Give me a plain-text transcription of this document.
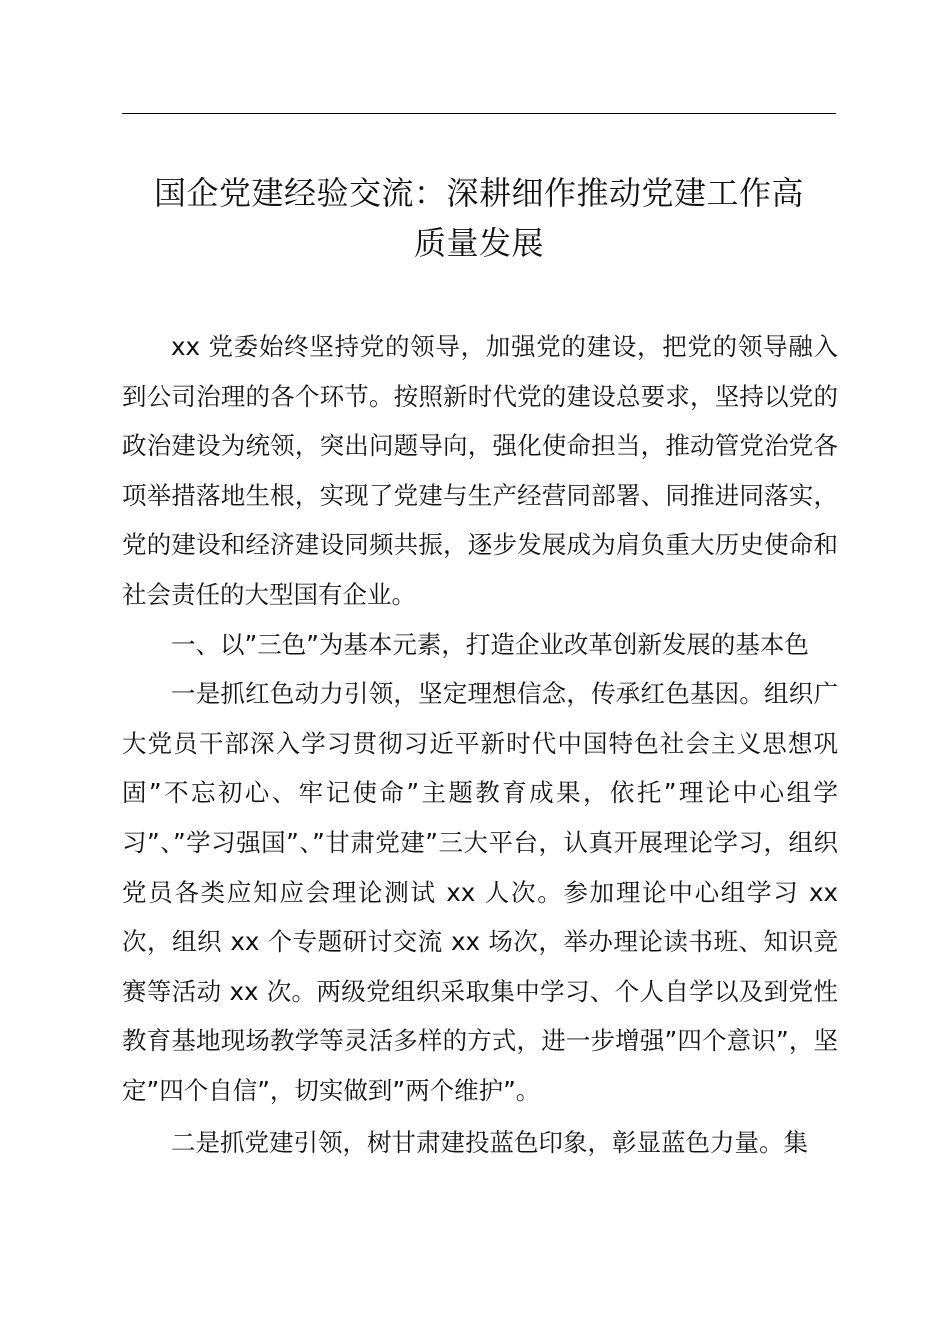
国企党建经验交流：深耕细作推动党建工作高
质量发展

xx 党委始终坚持党的领导，加强党的建设，把党的领导融入到公司治理的各个环节。按照新时代党的建设总要求，坚持以党的政治建设为统领，突出问题导向，强化使命担当，推动管党治党各项举措落地生根，实现了党建与生产经营同部署、同推进同落实，党的建设和经济建设同频共振，逐步发展成为肩负重大历史使命和社会责任的大型国有企业。

一、以”三色”为基本元素，打造企业改革创新发展的基本色

一是抓红色动力引领，坚定理想信念，传承红色基因。组织广大党员干部深入学习贯彻习近平新时代中国特色社会主义思想巩固”不忘初心、牢记使命”主题教育成果，依托”理论中心组学习”、”学习强国”、”甘肃党建”三大平台，认真开展理论学习，组织党员各类应知应会理论测试 xx 人次。参加理论中心组学习 xx 次，组织 xx 个专题研讨交流 xx 场次，举办理论读书班、知识竞赛等活动 xx 次。两级党组织采取集中学习、个人自学以及到党性教育基地现场教学等灵活多样的方式，进一步增强”四个意识”，坚定”四个自信”，切实做到”两个维护”。

二是抓党建引领，树甘肃建投蓝色印象，彰显蓝色力量。集
